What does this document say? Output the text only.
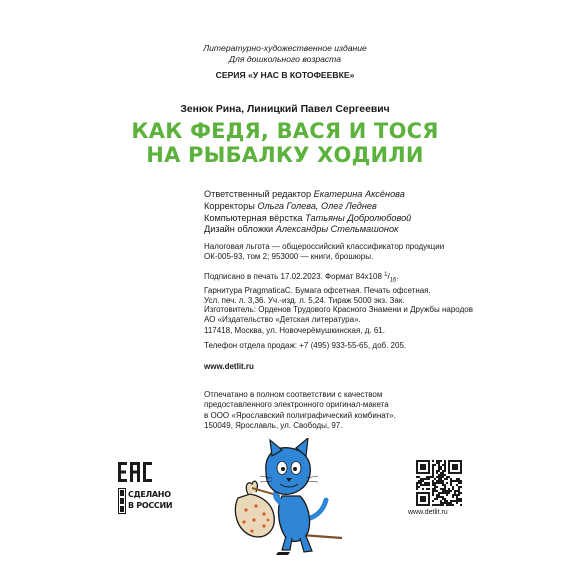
Литературно-художественное издание
Для дошкольного возраста
СЕРИЯ «У НАС В КОТОФЕЕВКЕ»
Зенюк Рина, Линицкий Павел Сергеевич
КАК ФЕДЯ, ВАСЯ И ТОСЯ
НА РЫБАЛКУ ХОДИЛИ
Ответственный редактор Екатерина Аксёнова
Корректоры Ольга Голева, Олег Леднев
Компьютерная вёрстка Татьяны Добролюбовой
Дизайн обложки Александры Стельмашонок
Налоговая льгота — общероссийский классификатор продукции
ОК-005-93, том 2; 953000 — книги, брошюры.
Подписано в печать 17.02.2023. Формат 84x108 $^1/_{16}$.
Гарнитура PragmaticaC. Бумага офсетная. Печать офсетная.
Усл. печ. л. 3,36. Уч.-изд. л. 5,24. Тираж 5000 экз. Зак.
Изготовитель: Орденов Трудового Красного Знамени и Дружбы народов
АО «Издательство «Детская литература».
117418, Москва, ул. Новочерёмушкинская, д. 61.
Телефон отдела продаж: +7 (495) 933-55-65, доб. 205.
www.detlit.ru
Отпечатано в полном соответствии с качеством
предоставленного электронного оригинал-макета
в ООО «Ярославский полиграфический комбинат».
150049, Ярославль, ул. Свободы, 97.
СДЕЛАНО
В РОССИИ
www.detlit.ru
